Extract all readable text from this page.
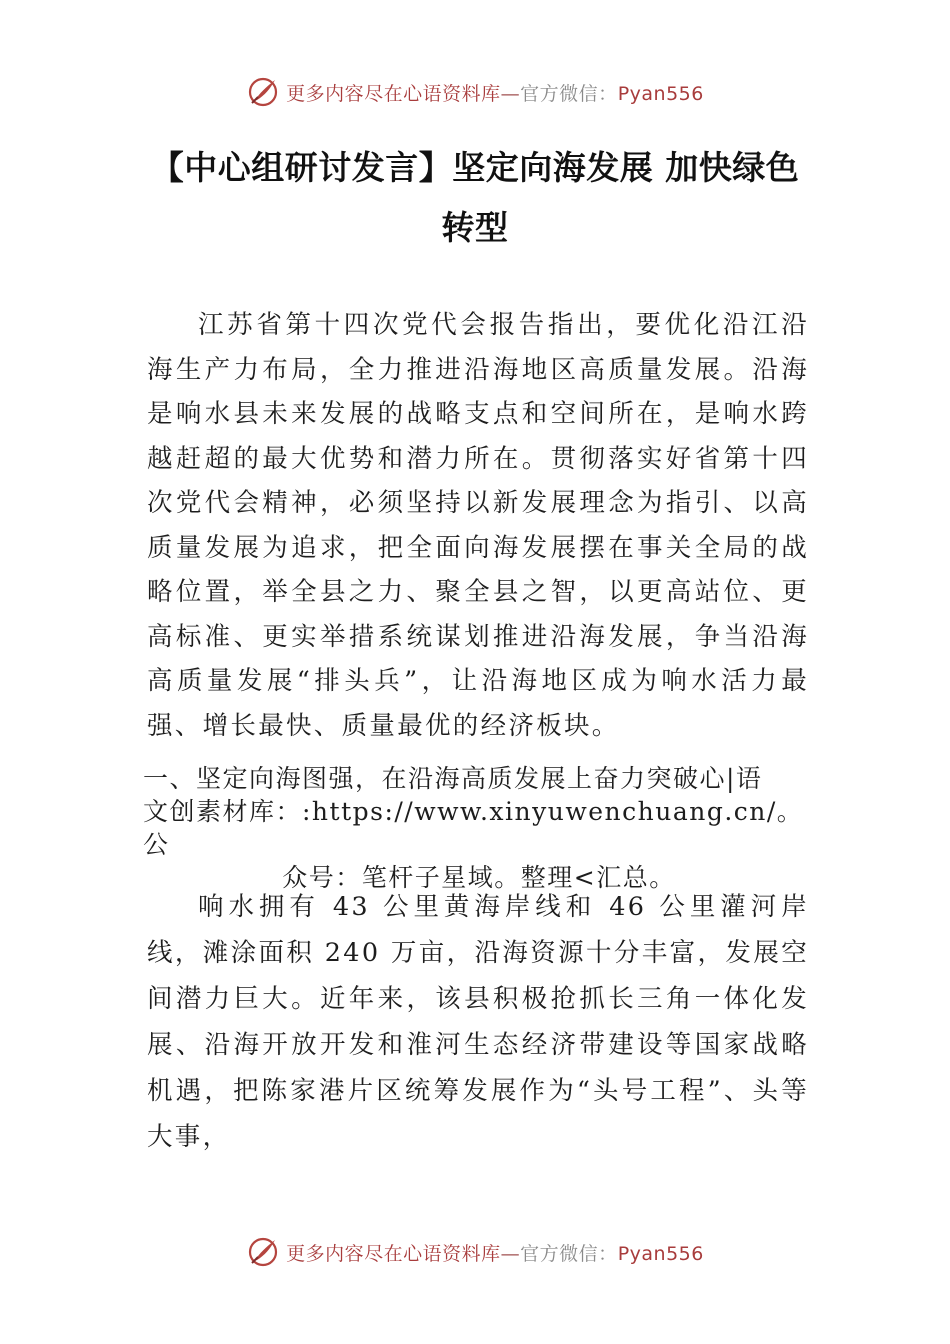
更多内容尽在心语资料库—官方微信：Pyan556
【中心组研讨发言】坚定向海发展 加快绿色转型

江苏省第十四次党代会报告指出，要优化沿江沿海生产力布局，全力推进沿海地区高质量发展。沿海是响水县未来发展的战略支点和空间所在，是响水跨越赶超的最大优势和潜力所在。贯彻落实好省第十四次党代会精神，必须坚持以新发展理念为指引、以高质量发展为追求，把全面向海发展摆在事关全局的战略位置，举全县之力、聚全县之智，以更高站位、更高标准、更实举措系统谋划推进沿海发展，争当沿海高质量发展“排头兵”，让沿海地区成为响水活力最强、增长最快、质量最优的经济板块。

一、坚定向海图强，在沿海高质发展上奋力突破心|语
文创素材库：:https://www.xinyuwenchuang.cn/。公
众号：笔杆子星域。整理<汇总。

响水拥有 43 公里黄海岸线和 46 公里灌河岸线，滩涂面积 240 万亩，沿海资源十分丰富，发展空间潜力巨大。近年来，该县积极抢抓长三角一体化发展、沿海开放开发和淮河生态经济带建设等国家战略机遇，把陈家港片区统筹发展作为“头号工程”、头等大事，

更多内容尽在心语资料库—官方微信：Pyan556
